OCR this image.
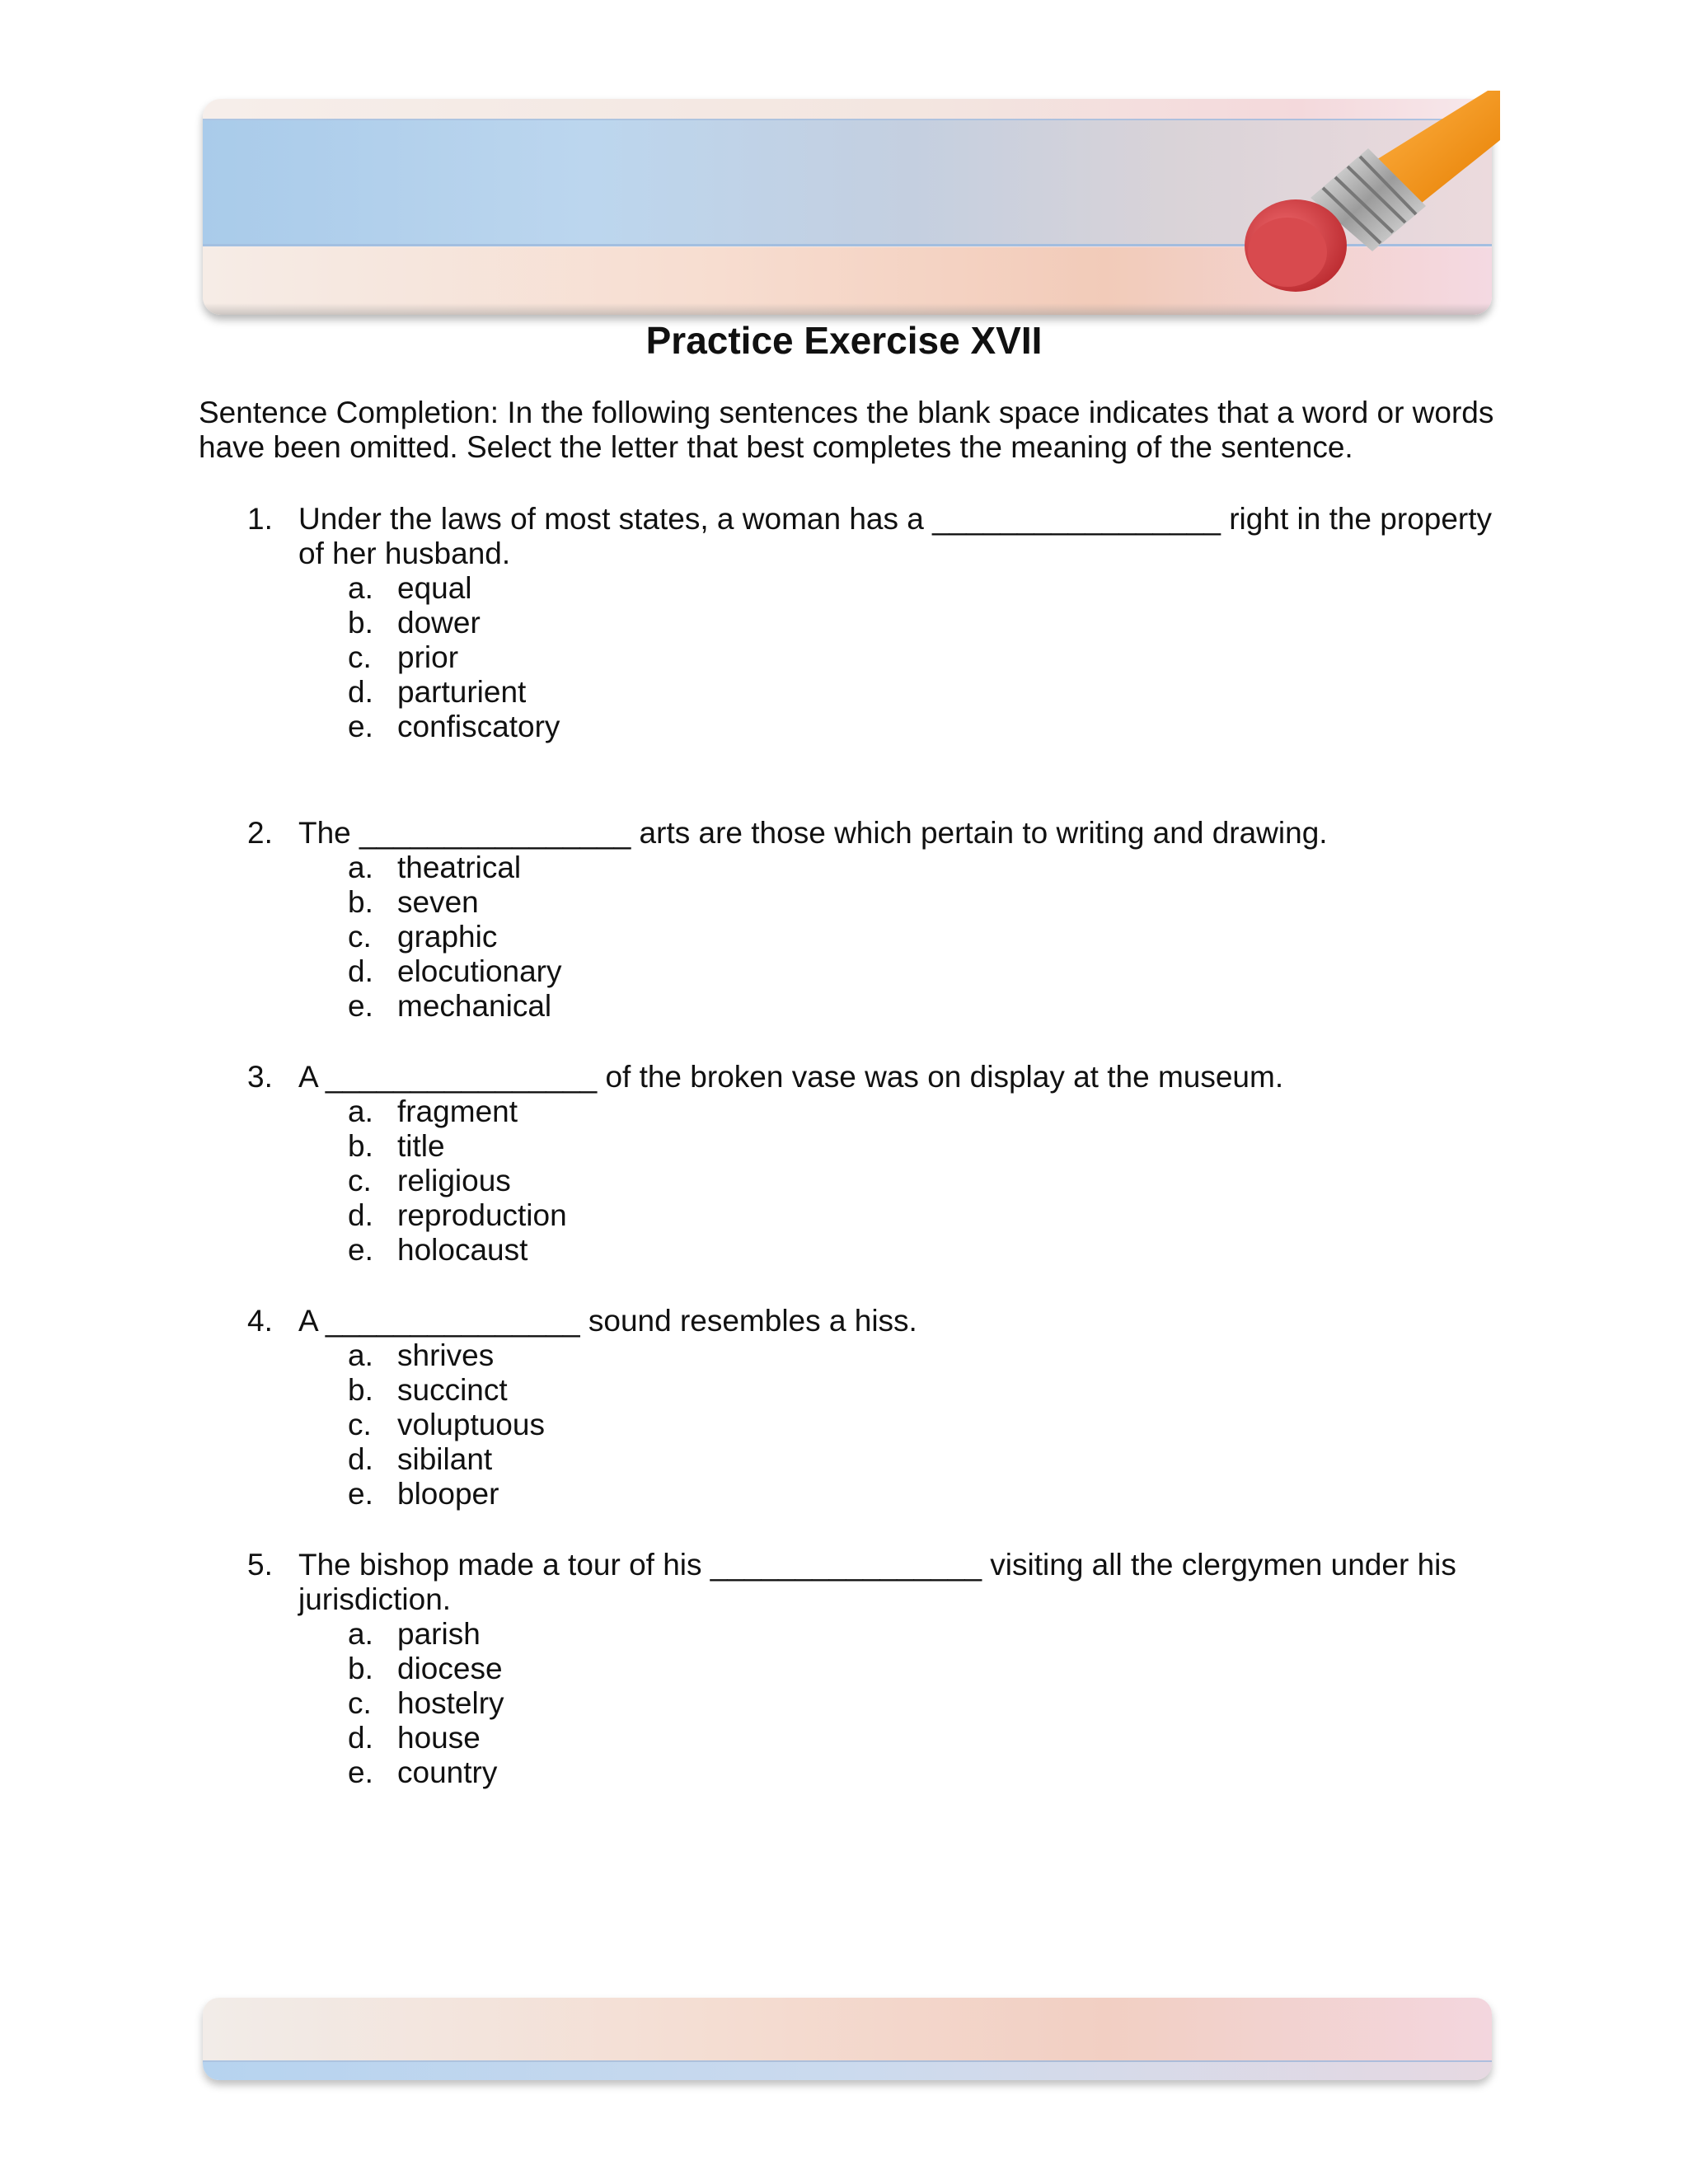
Practice Exercise XVII
Sentence Completion: In the following sentences the blank space indicates that a word or words have been omitted. Select the letter that best completes the meaning of the sentence.
1. Under the laws of most states, a woman has a _________________ right in the property of her husband.
a. equal
b. dower
c. prior
d. parturient
e. confiscatory
2. The ________________ arts are those which pertain to writing and drawing.
a. theatrical
b. seven
c. graphic
d. elocutionary
e. mechanical
3. A ________________ of the broken vase was on display at the museum.
a. fragment
b. title
c. religious
d. reproduction
e. holocaust
4. A _______________ sound resembles a hiss.
a. shrives
b. succinct
c. voluptuous
d. sibilant
e. blooper
5. The bishop made a tour of his ________________ visiting all the clergymen under his jurisdiction.
a. parish
b. diocese
c. hostelry
d. house
e. country
